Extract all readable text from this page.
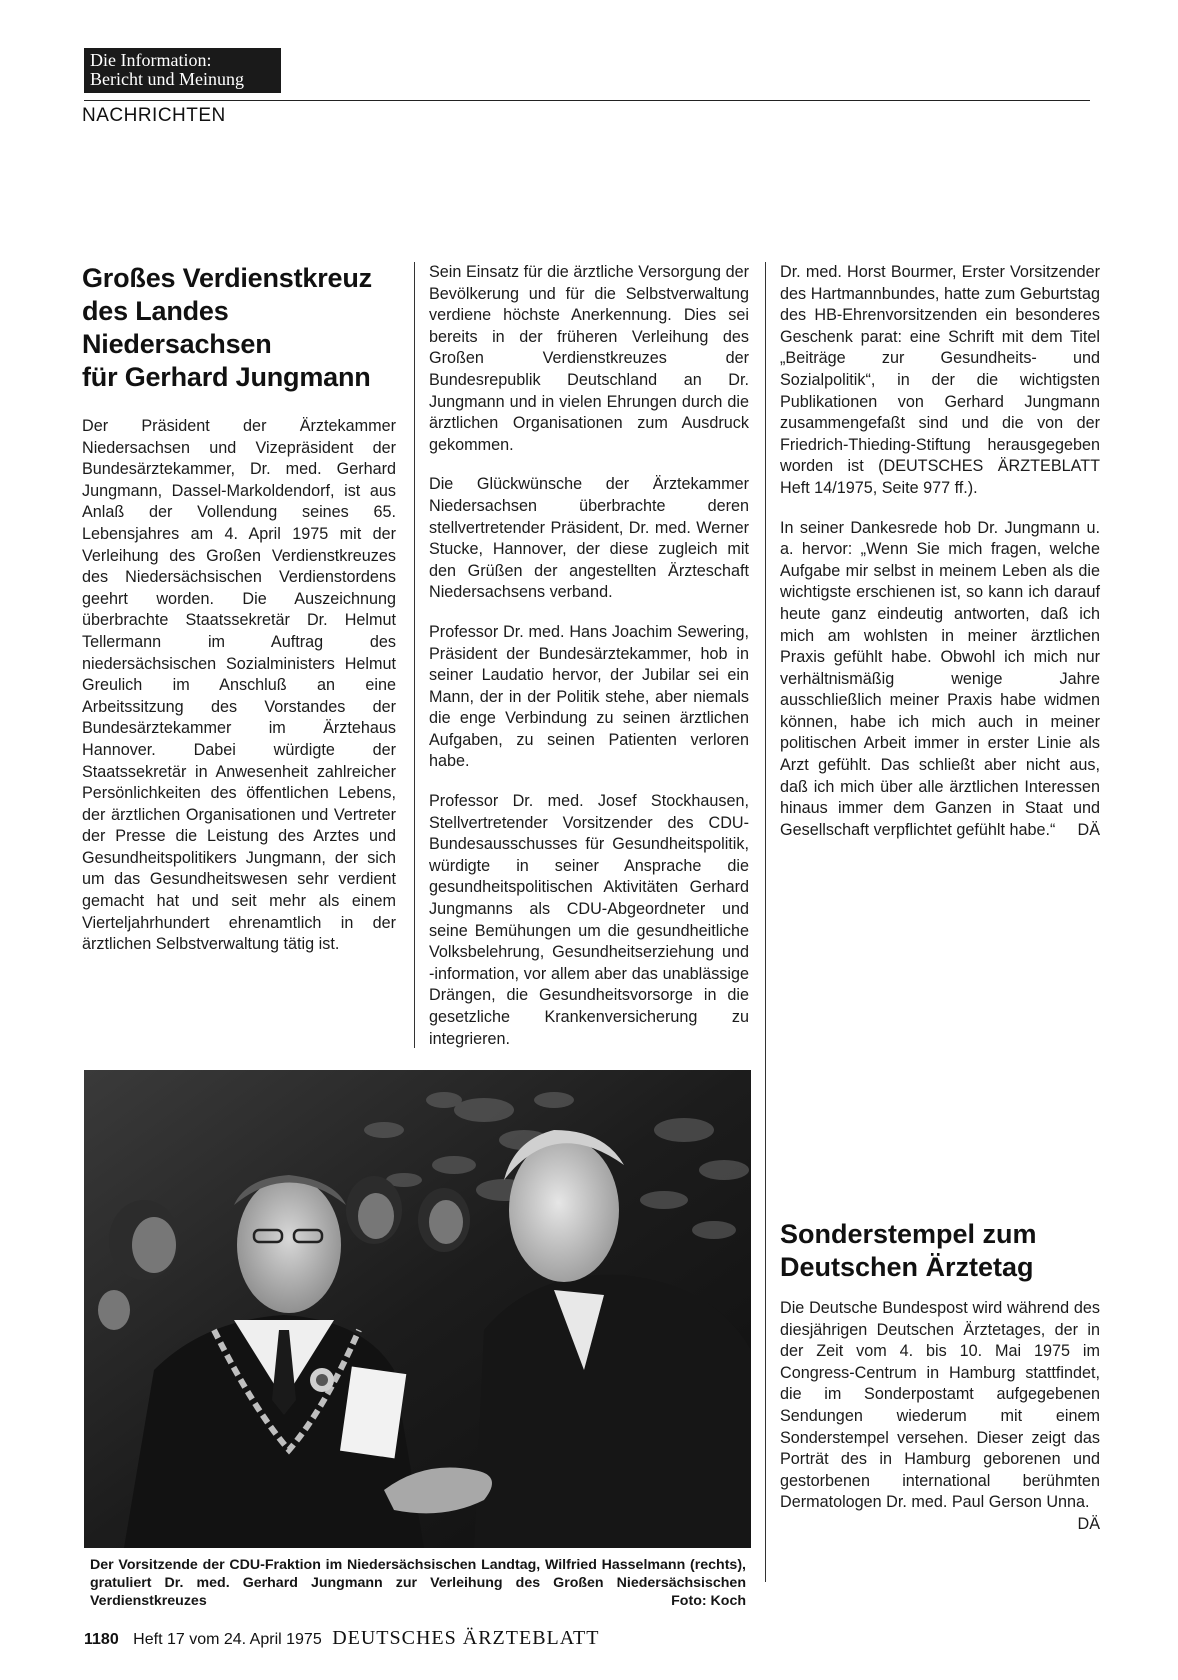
Die Information:
Bericht und Meinung
NACHRICHTEN
Großes Verdienstkreuz
des Landes
Niedersachsen
für Gerhard Jungmann

Der Präsident der Ärztekammer Niedersachsen und Vizepräsident der Bundesärztekammer, Dr. med. Gerhard Jungmann, Dassel-Markoldendorf, ist aus Anlaß der Vollendung seines 65. Lebensjahres am 4. April 1975 mit der Verleihung des Großen Verdienstkreuzes des Niedersächsischen Verdienstordens geehrt worden. Die Auszeichnung überbrachte Staatssekretär Dr. Helmut Tellermann im Auftrag des niedersächsischen Sozialministers Helmut Greulich im Anschluß an eine Arbeitssitzung des Vorstandes der Bundesärztekammer im Ärztehaus Hannover. Dabei würdigte der Staatssekretär in Anwesenheit zahlreicher Persönlichkeiten des öffentlichen Lebens, der ärztlichen Organisationen und Vertreter der Presse die Leistung des Arztes und Gesundheitspolitikers Jungmann, der sich um das Gesundheitswesen sehr verdient gemacht hat und seit mehr als einem Vierteljahrhundert ehrenamtlich in der ärztlichen Selbstverwaltung tätig ist.

Sein Einsatz für die ärztliche Versorgung der Bevölkerung und für die Selbstverwaltung verdiene höchste Anerkennung. Dies sei bereits in der früheren Verleihung des Großen Verdienstkreuzes der Bundesrepublik Deutschland an Dr. Jungmann und in vielen Ehrungen durch die ärztlichen Organisationen zum Ausdruck gekommen.

Die Glückwünsche der Ärztekammer Niedersachsen überbrachte deren stellvertretender Präsident, Dr. med. Werner Stucke, Hannover, der diese zugleich mit den Grüßen der angestellten Ärzteschaft Niedersachsens verband.

Professor Dr. med. Hans Joachim Sewering, Präsident der Bundesärztekammer, hob in seiner Laudatio hervor, der Jubilar sei ein Mann, der in der Politik stehe, aber niemals die enge Verbindung zu seinen ärztlichen Aufgaben, zu seinen Patienten verloren habe.

Professor Dr. med. Josef Stockhausen, Stellvertretender Vorsitzender des CDU-Bundesausschusses für Gesundheitspolitik, würdigte in seiner Ansprache die gesundheitspolitischen Aktivitäten Gerhard Jungmanns als CDU-Abgeordneter und seine Bemühungen um die gesundheitliche Volksbelehrung, Gesundheitserziehung und -information, vor allem aber das unablässige Drängen, die Gesundheitsvorsorge in die gesetzliche Krankenversicherung zu integrieren.

Dr. med. Horst Bourmer, Erster Vorsitzender des Hartmannbundes, hatte zum Geburtstag des HB-Ehrenvorsitzenden ein besonderes Geschenk parat: eine Schrift mit dem Titel „Beiträge zur Gesundheits- und Sozialpolitik“, in der die wichtigsten Publikationen von Gerhard Jungmann zusammengefaßt sind und die von der Friedrich-Thieding-Stiftung herausgegeben worden ist (DEUTSCHES ÄRZTEBLATT Heft 14/1975, Seite 977 ff.).

In seiner Dankesrede hob Dr. Jungmann u. a. hervor: „Wenn Sie mich fragen, welche Aufgabe mir selbst in meinem Leben als die wichtigste erschienen ist, so kann ich darauf heute ganz eindeutig antworten, daß ich mich am wohlsten in meiner ärztlichen Praxis gefühlt habe. Obwohl ich mich nur verhältnismäßig wenige Jahre ausschließlich meiner Praxis habe widmen können, habe ich mich auch in meiner politischen Arbeit immer in erster Linie als Arzt gefühlt. Das schließt aber nicht aus, daß ich mich über alle ärztlichen Interessen hinaus immer dem Ganzen in Staat und Gesellschaft verpflichtet gefühlt habe.“ DÄ

Der Vorsitzende der CDU-Fraktion im Niedersächsischen Landtag, Wilfried Hasselmann (rechts), gratuliert Dr. med. Gerhard Jungmann zur Verleihung des Großen Niedersächsischen Verdienstkreuzes	Foto: Koch
Sonderstempel zum
Deutschen Ärztetag

Die Deutsche Bundespost wird während des diesjährigen Deutschen Ärztetages, der in der Zeit vom 4. bis 10. Mai 1975 im Congress-Centrum in Hamburg stattfindet, die im Sonderpostamt aufgegebenen Sendungen wiederum mit einem Sonderstempel versehen. Dieser zeigt das Porträt des in Hamburg geborenen und gestorbenen international berühmten Dermatologen Dr. med. Paul Gerson Unna.
DÄ

1180 Heft 17 vom 24. April 1975 DEUTSCHES ÄRZTEBLATT
